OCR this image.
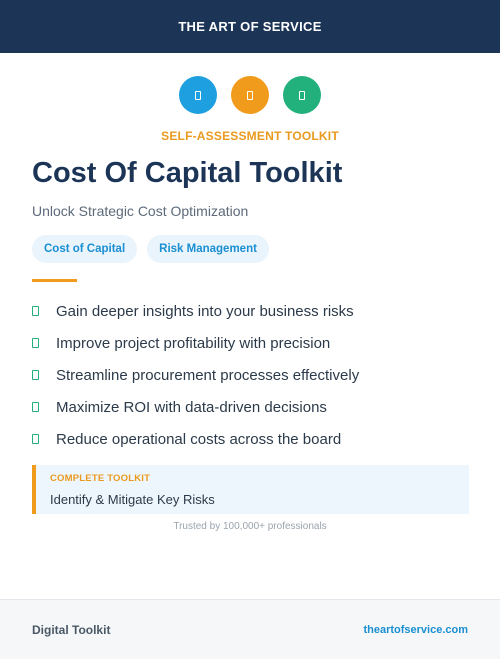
THE ART OF SERVICE
SELF-ASSESSMENT TOOLKIT
Cost Of Capital Toolkit
Unlock Strategic Cost Optimization
Cost of Capital	Risk Management
Gain deeper insights into your business risks
Improve project profitability with precision
Streamline procurement processes effectively
Maximize ROI with data-driven decisions
Reduce operational costs across the board
COMPLETE TOOLKIT
Identify & Mitigate Key Risks
Trusted by 100,000+ professionals
Digital Toolkit	theartofservice.com
